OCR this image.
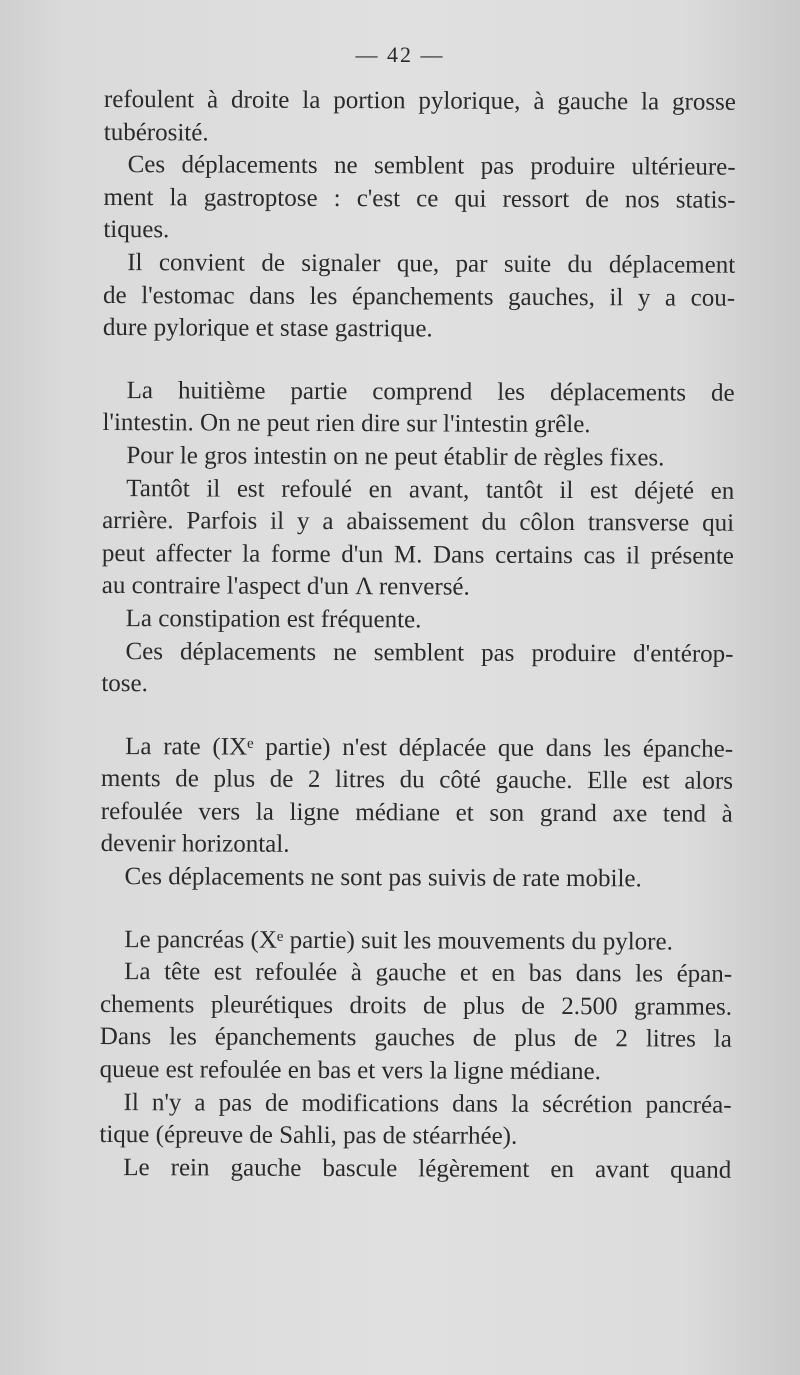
— 42 —
refoulent à droite la portion pylorique, à gauche la grosse
tubérosité.
Ces déplacements ne semblent pas produire ultérieure-
ment la gastroptose : c'est ce qui ressort de nos statis-
tiques.
Il convient de signaler que, par suite du déplacement
de l'estomac dans les épanchements gauches, il y a cou-
dure pylorique et stase gastrique.
La huitième partie comprend les déplacements de
l'intestin. On ne peut rien dire sur l'intestin grêle.
Pour le gros intestin on ne peut établir de règles fixes.
Tantôt il est refoulé en avant, tantôt il est déjeté en
arrière. Parfois il y a abaissement du côlon transverse qui
peut affecter la forme d'un M. Dans certains cas il présente
au contraire l'aspect d'un Λ renversé.
La constipation est fréquente.
Ces déplacements ne semblent pas produire d'entérop-
tose.
La rate (IXᵉ partie) n'est déplacée que dans les épanche-
ments de plus de 2 litres du côté gauche. Elle est alors
refoulée vers la ligne médiane et son grand axe tend à
devenir horizontal.
Ces déplacements ne sont pas suivis de rate mobile.
Le pancréas (Xᵉ partie) suit les mouvements du pylore.
La tête est refoulée à gauche et en bas dans les épan-
chements pleurétiques droits de plus de 2.500 grammes.
Dans les épanchements gauches de plus de 2 litres la
queue est refoulée en bas et vers la ligne médiane.
Il n'y a pas de modifications dans la sécrétion pancréa-
tique (épreuve de Sahli, pas de stéarrhée).
Le rein gauche bascule légèrement en avant quand
